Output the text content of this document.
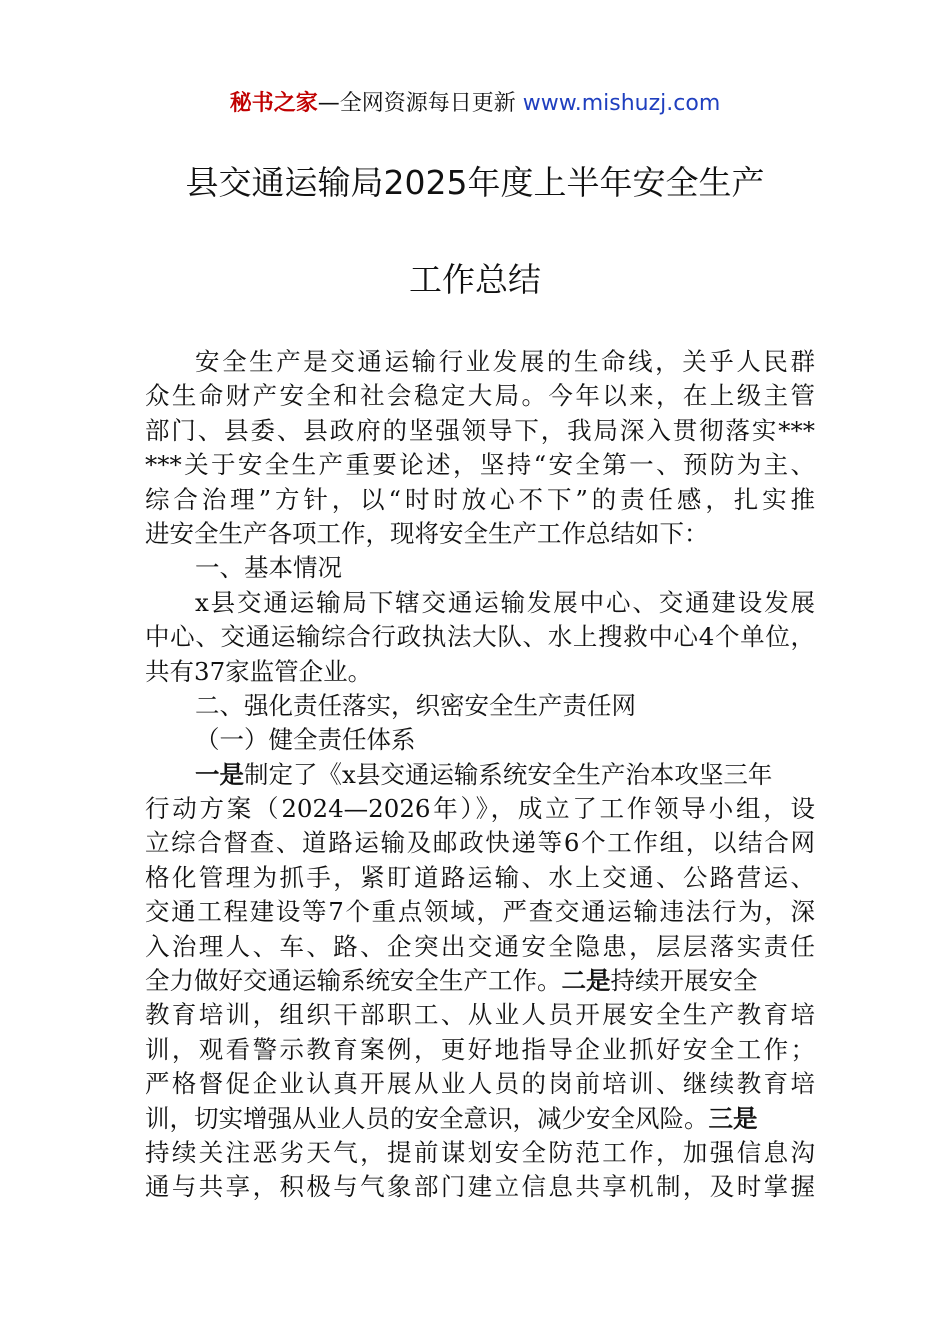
秘书之家—全网资源每日更新 www.mishuzj.com
县交通运输局2025年度上半年安全生产
工作总结
安全生产是交通运输行业发展的生命线，关乎人民群
众生命财产安全和社会稳定大局。今年以来，在上级主管
部门、县委、县政府的坚强领导下，我局深入贯彻落实***
***关于安全生产重要论述，坚持“安全第一、预防为主、
综合治理”方针，以“时时放心不下”的责任感，扎实推
进安全生产各项工作，现将安全生产工作总结如下：
一、基本情况
x县交通运输局下辖交通运输发展中心、交通建设发展
中心、交通运输综合行政执法大队、水上搜救中心4个单位，
共有37家监管企业。
二、强化责任落实，织密安全生产责任网
（一）健全责任体系
一是制定了《x县交通运输系统安全生产治本攻坚三年
行动方案（2024—2026年）》，成立了工作领导小组，设
立综合督查、道路运输及邮政快递等6个工作组，以结合网
格化管理为抓手，紧盯道路运输、水上交通、公路营运、
交通工程建设等7个重点领域，严查交通运输违法行为，深
入治理人、车、路、企突出交通安全隐患，层层落实责任
全力做好交通运输系统安全生产工作。二是持续开展安全
教育培训，组织干部职工、从业人员开展安全生产教育培
训，观看警示教育案例，更好地指导企业抓好安全工作；
严格督促企业认真开展从业人员的岗前培训、继续教育培
训，切实增强从业人员的安全意识，减少安全风险。三是
持续关注恶劣天气，提前谋划安全防范工作，加强信息沟
通与共享，积极与气象部门建立信息共享机制，及时掌握
